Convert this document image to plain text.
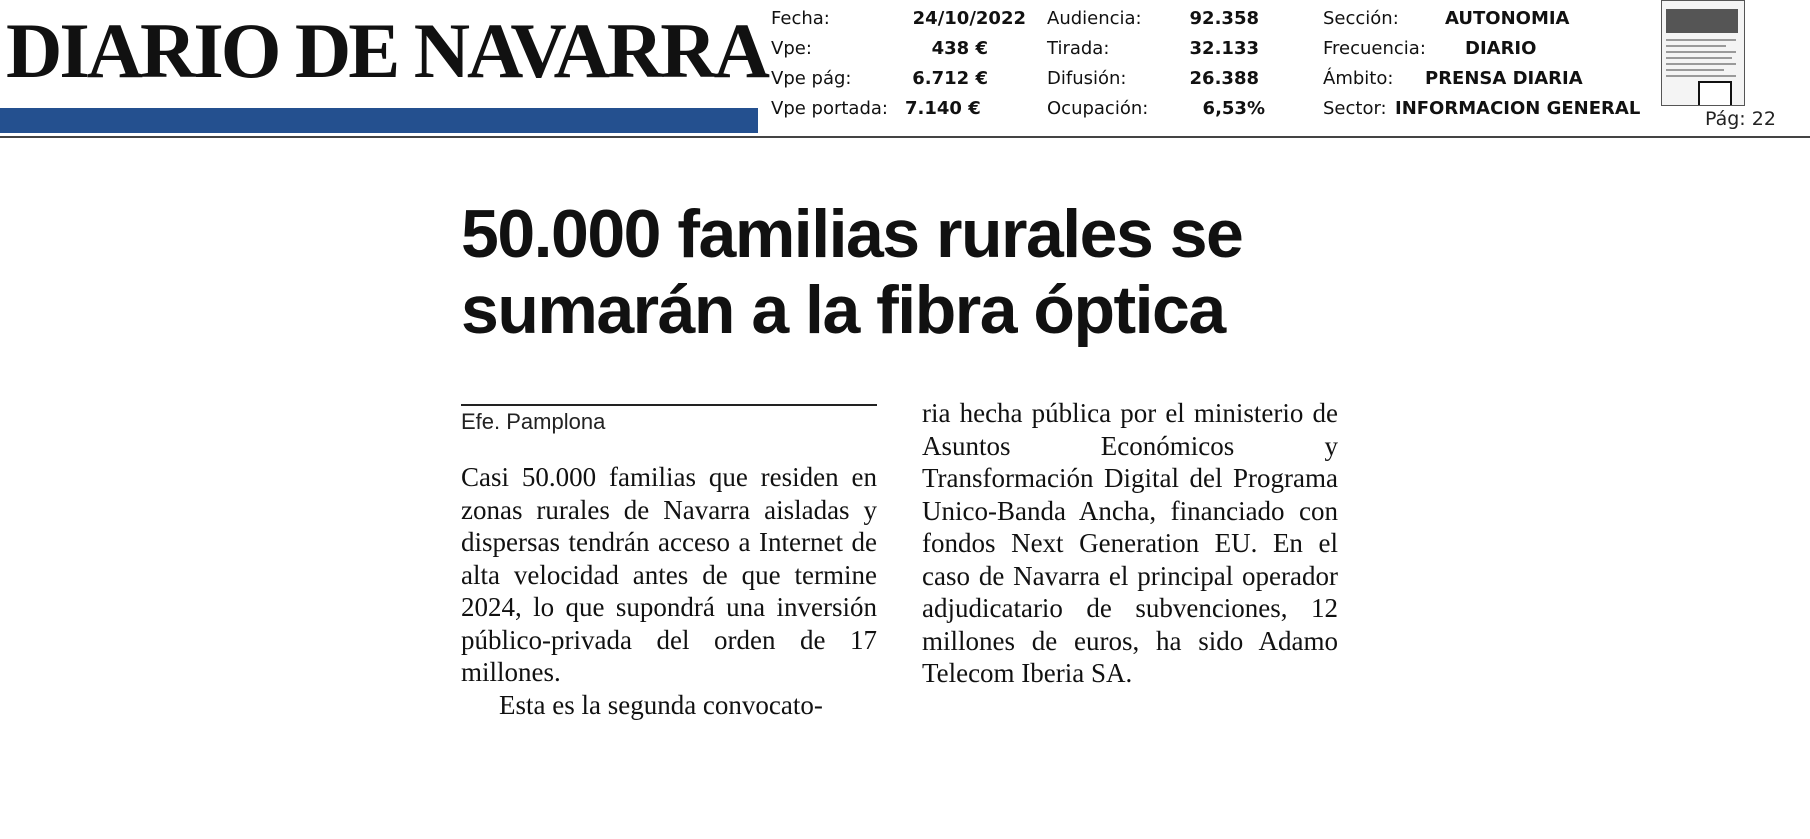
DIARIO DE NAVARRA Fecha:	24/10/2022
Vpe:	438 €
Vpe pág:	6.712 €
Vpe portada: 7.140 €
Audiencia:	92.358
Tirada:	32.133
Difusión:	26.388
Ocupación:	6,53%
Sección:	AUTONOMIA
Frecuencia: DIARIO
Ámbito: PRENSA DIARIA
Sector: INFORMACION GENERAL	Pág: 22
50.000 familias rurales se
sumarán a la fibra óptica
Efe. Pamplona

Casi 50.000 familias que residen en zonas rurales de Navarra aisladas y dispersas tendrán acceso a Internet de alta velocidad antes de que termine 2024, lo que supondrá una inversión público-privada del orden de 17 millones.

Esta es la segunda convocato-

ria hecha pública por el ministerio de Asuntos Económicos y Transformación Digital del Programa Unico-Banda Ancha, financiado con fondos Next Generation EU. En el caso de Navarra el principal operador adjudicatario de subvenciones, 12 millones de euros, ha sido Adamo Telecom Iberia SA.
